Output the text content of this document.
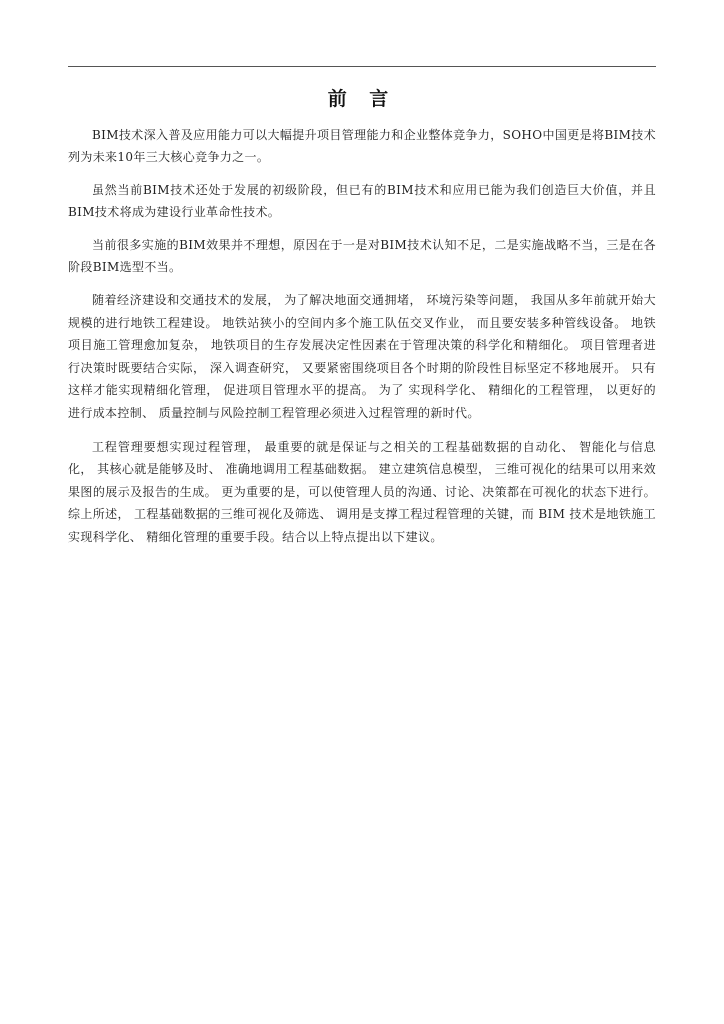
前 言

BIM技术深入普及应用能力可以大幅提升项目管理能力和企业整体竞争力，SOHO中国更是将BIM技术列为未来10年三大核心竞争力之一。

虽然当前BIM技术还处于发展的初级阶段，但已有的BIM技术和应用已能为我们创造巨大价值，并且BIM技术将成为建设行业革命性技术。

当前很多实施的BIM效果并不理想，原因在于一是对BIM技术认知不足，二是实施战略不当，三是在各阶段BIM选型不当。

随着经济建设和交通技术的发展， 为了解决地面交通拥堵， 环境污染等问题， 我国从多年前就开始大规模的进行地铁工程建设。 地铁站狭小的空间内多个施工队伍交叉作业， 而且要安装多种管线设备。 地铁项目施工管理愈加复杂， 地铁项目的生存发展决定性因素在于管理决策的科学化和精细化。 项目管理者进行决策时既要结合实际， 深入调查研究， 又要紧密围绕项目各个时期的阶段性目标坚定不移地展开。 只有这样才能实现精细化管理， 促进项目管理水平的提高。 为了 实现科学化、 精细化的工程管理， 以更好的进行成本控制、 质量控制与风险控制工程管理必须进入过程管理的新时代。

工程管理要想实现过程管理， 最重要的就是保证与之相关的工程基础数据的自动化、 智能化与信息化， 其核心就是能够及时、 准确地调用工程基础数据。 建立建筑信息模型， 三维可视化的结果可以用来效果图的展示及报告的生成。 更为重要的是，可以使管理人员的沟通、讨论、决策都在可视化的状态下进行。 综上所述， 工程基础数据的三维可视化及筛选、 调用是支撑工程过程管理的关键，而 BIM 技术是地铁施工实现科学化、 精细化管理的重要手段。结合以上特点提出以下建议。
